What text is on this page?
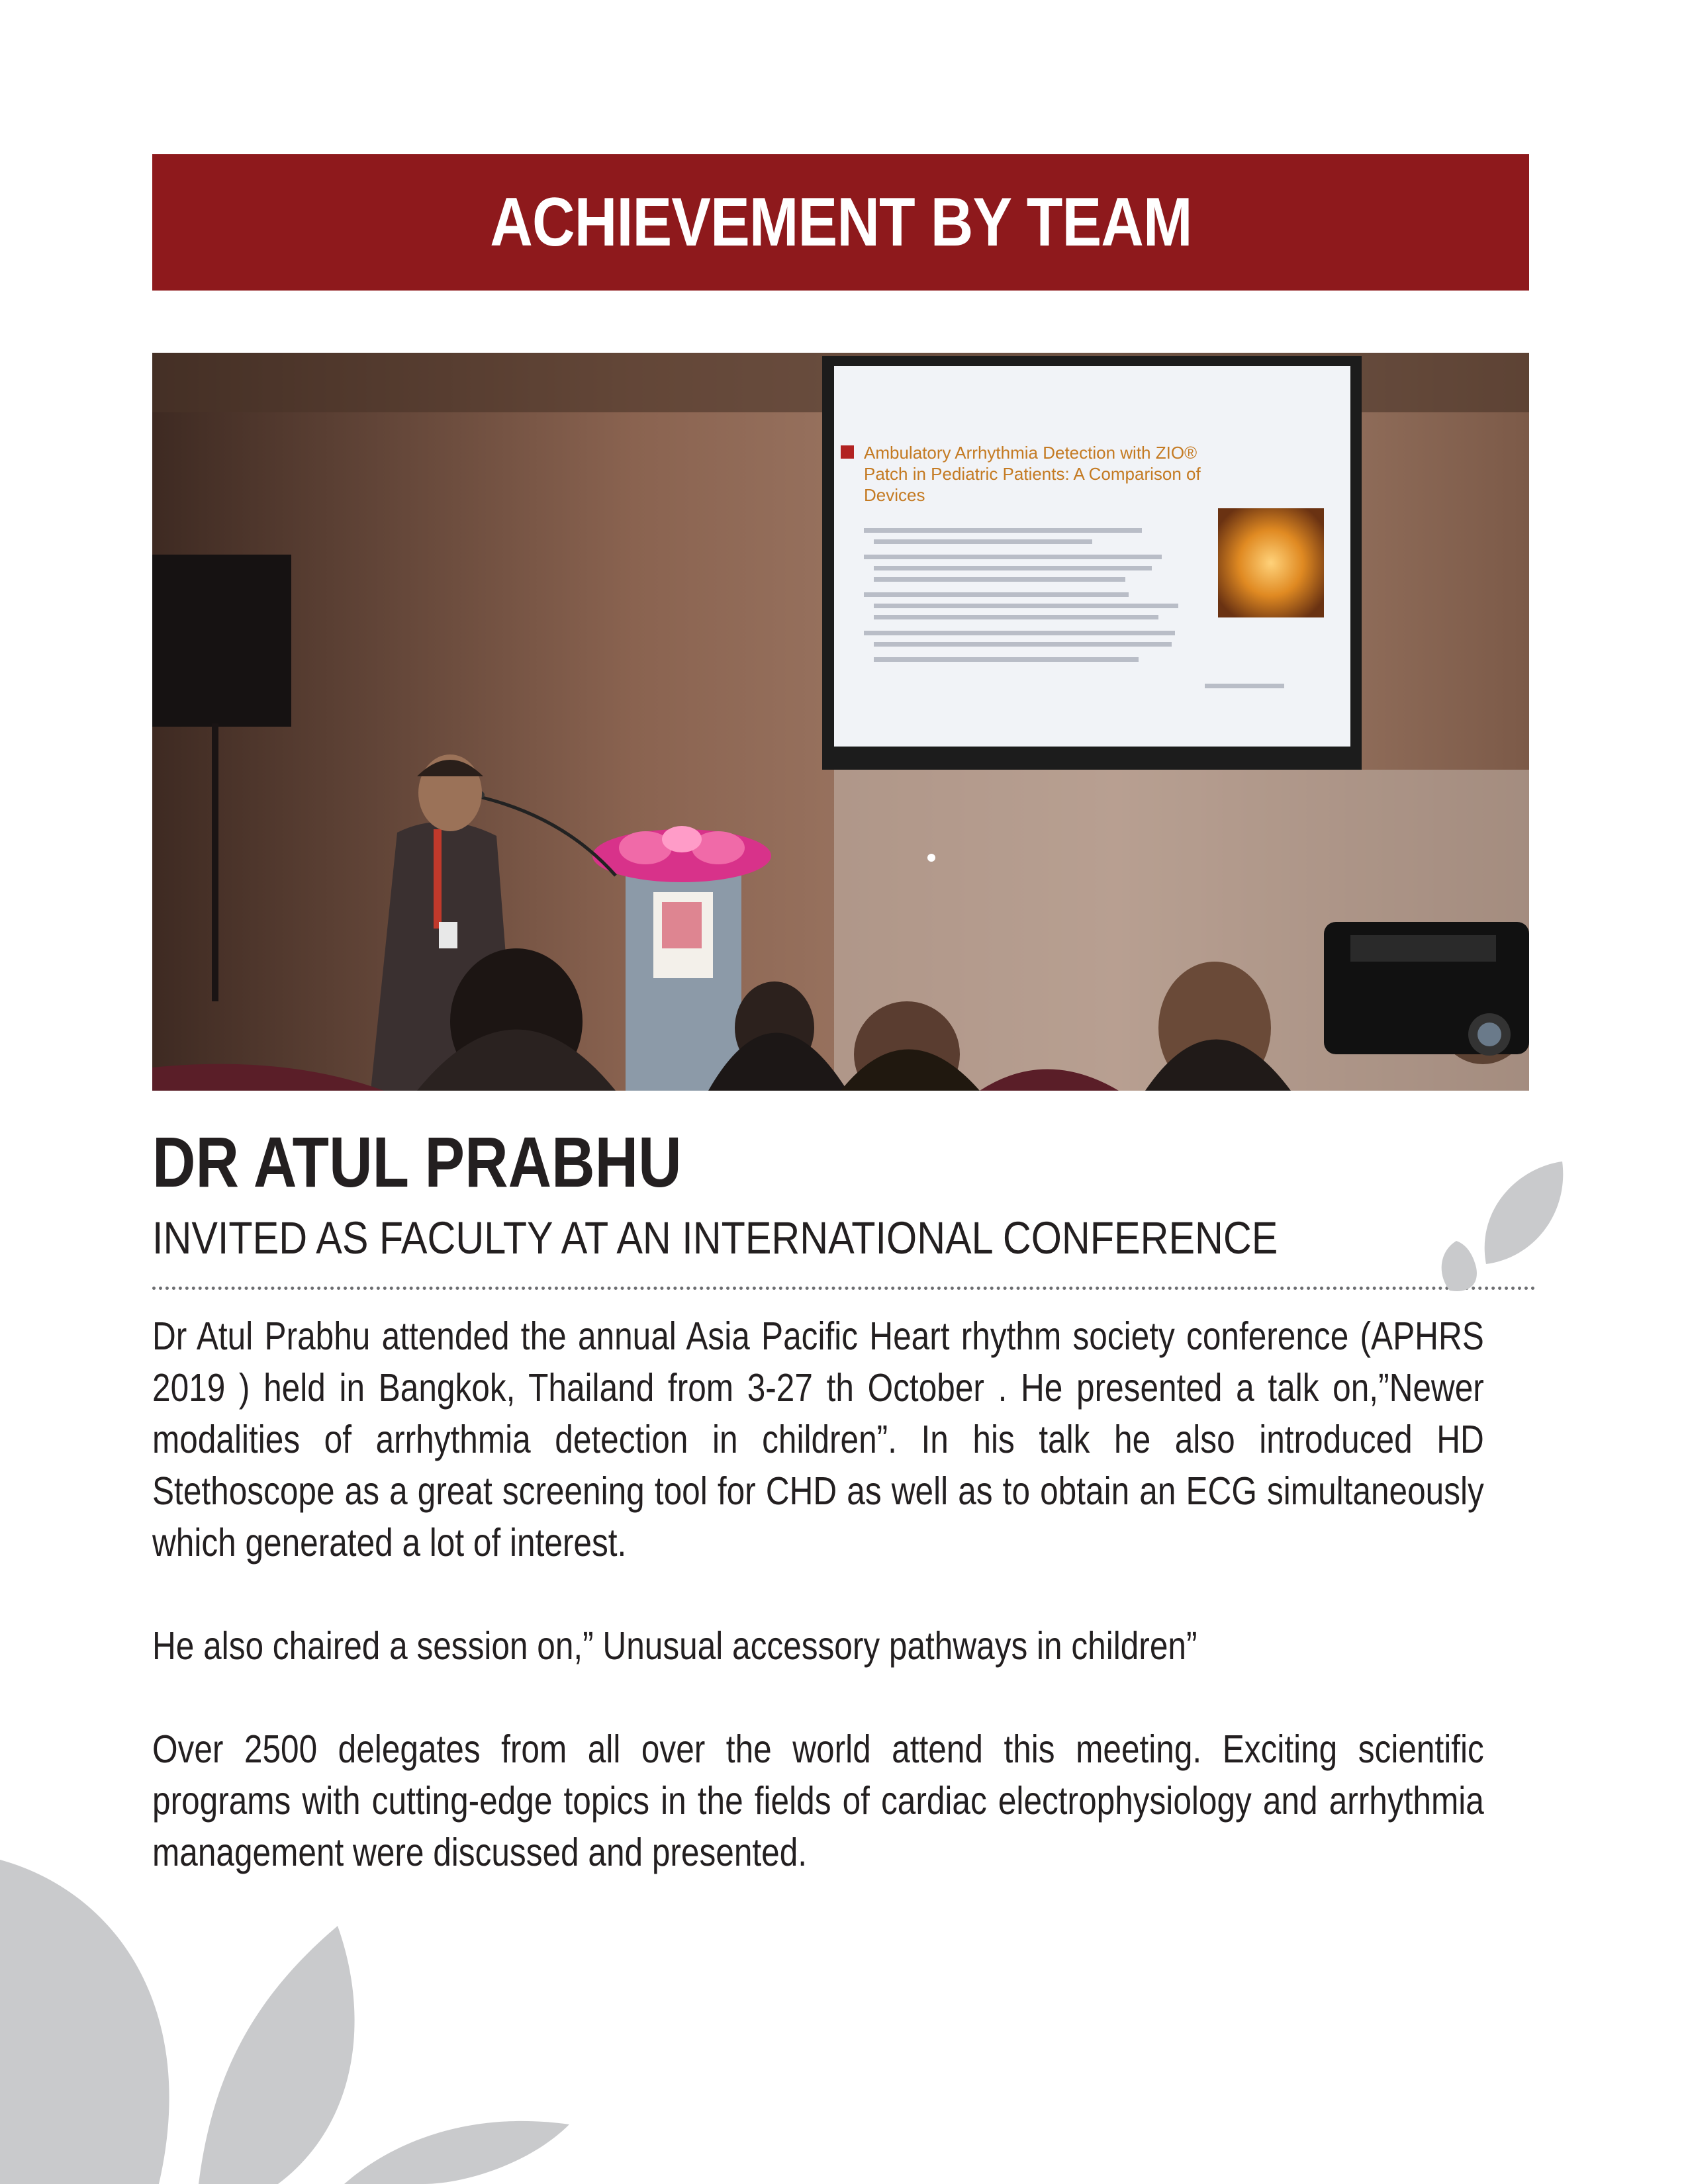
ACHIEVEMENT BY TEAM
Ambulatory Arrhythmia Detection with ZIO®
Patch in Pediatric Patients: A Comparison of
Devices
DR ATUL PRABHU
INVITED AS FACULTY AT AN INTERNATIONAL CONFERENCE

Dr Atul Prabhu attended the annual Asia Pacific Heart rhythm society conference (APHRS 2019 ) held in Bangkok, Thailand from 3-27 th October . He presented a talk on,”Newer modalities of arrhythmia detection in children”. In his talk he also introduced HD Stethoscope as a great screening tool for CHD as well as to obtain an ECG simultaneously which generated a lot of interest.

He also chaired a session on,” Unusual accessory pathways in children”

Over 2500 delegates from all over the world attend this meeting. Exciting scientific programs with cutting-edge topics in the fields of cardiac electrophysiology and arrhythmia management were discussed and presented.
